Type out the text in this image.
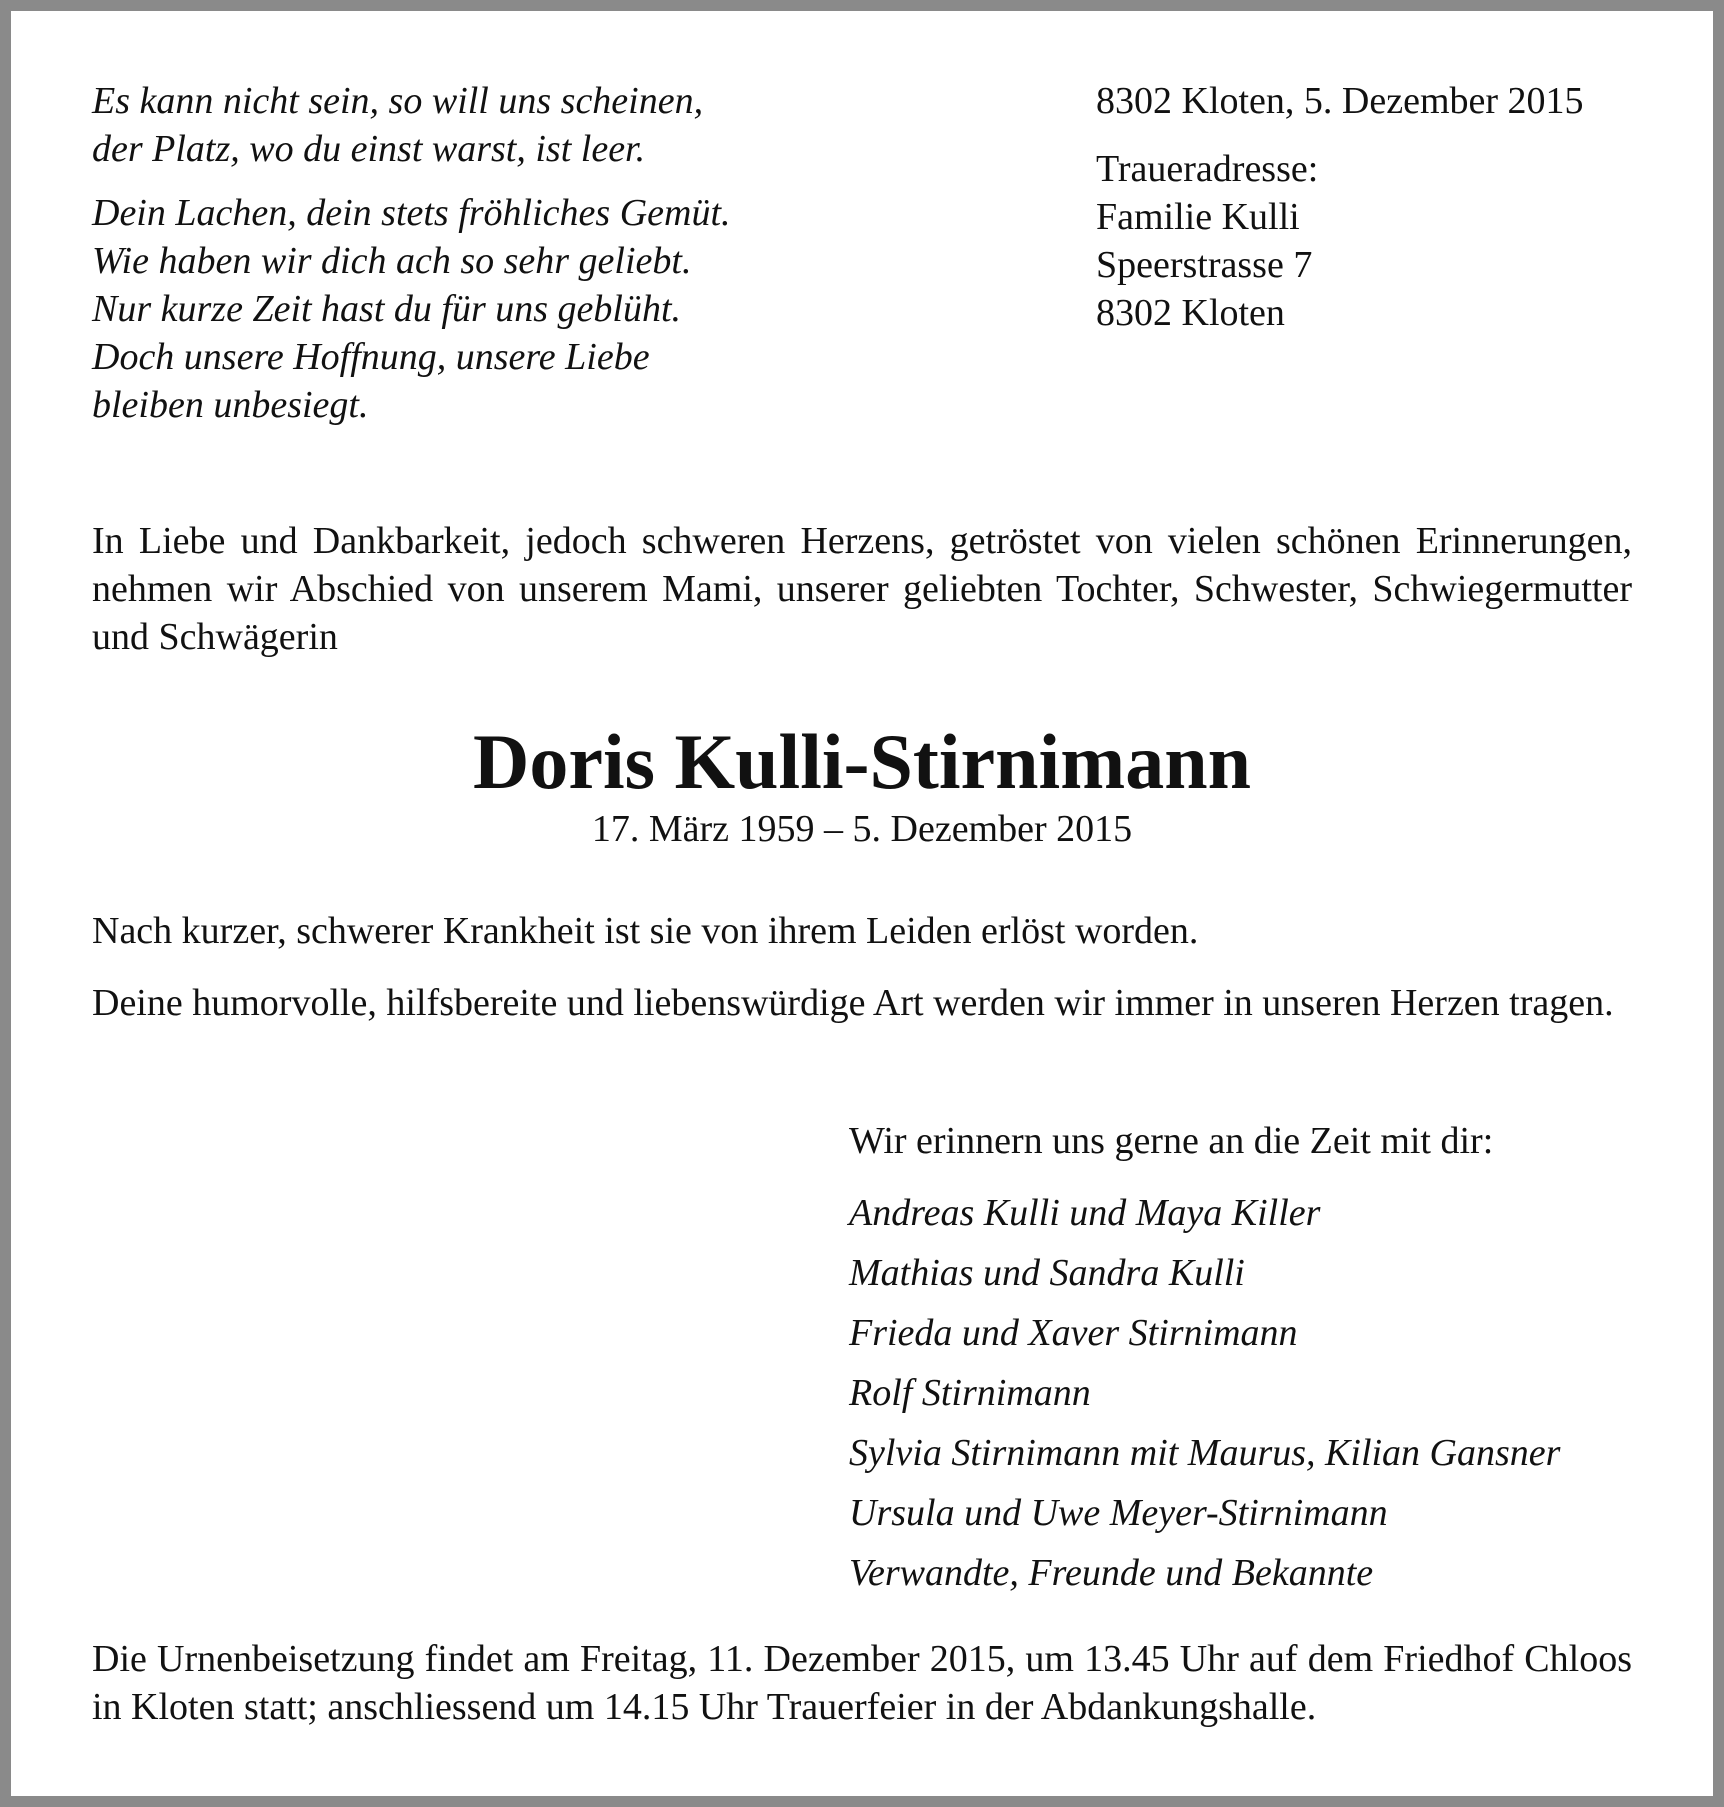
Es kann nicht sein, so will uns scheinen,
der Platz, wo du einst warst, ist leer.
Dein Lachen, dein stets fröhliches Gemüt.
Wie haben wir dich ach so sehr geliebt.
Nur kurze Zeit hast du für uns geblüht.
Doch unsere Hoffnung, unsere Liebe
bleiben unbesiegt.
8302 Kloten, 5. Dezember 2015
Traueradresse:
Familie Kulli
Speerstrasse 7
8302 Kloten

In Liebe und Dankbarkeit, jedoch schweren Herzens, getröstet von vielen schönen Erinnerungen, nehmen wir Abschied von unserem Mami, unserer geliebten Tochter, Schwester, Schwiegermutter und Schwägerin

Doris Kulli-Stirnimann
17. März 1959 – 5. Dezember 2015

Nach kurzer, schwerer Krankheit ist sie von ihrem Leiden erlöst worden.

Deine humorvolle, hilfsbereite und liebenswürdige Art werden wir immer in unseren Herzen tragen.

Wir erinnern uns gerne an die Zeit mit dir:
Andreas Kulli und Maya Killer
Mathias und Sandra Kulli
Frieda und Xaver Stirnimann
Rolf Stirnimann
Sylvia Stirnimann mit Maurus, Kilian Gansner
Ursula und Uwe Meyer-Stirnimann
Verwandte, Freunde und Bekannte

Die Urnenbeisetzung findet am Freitag, 11. Dezember 2015, um 13.45 Uhr auf dem Friedhof Chloos in Kloten statt; anschliessend um 14.15 Uhr Trauerfeier in der Abdankungshalle.
